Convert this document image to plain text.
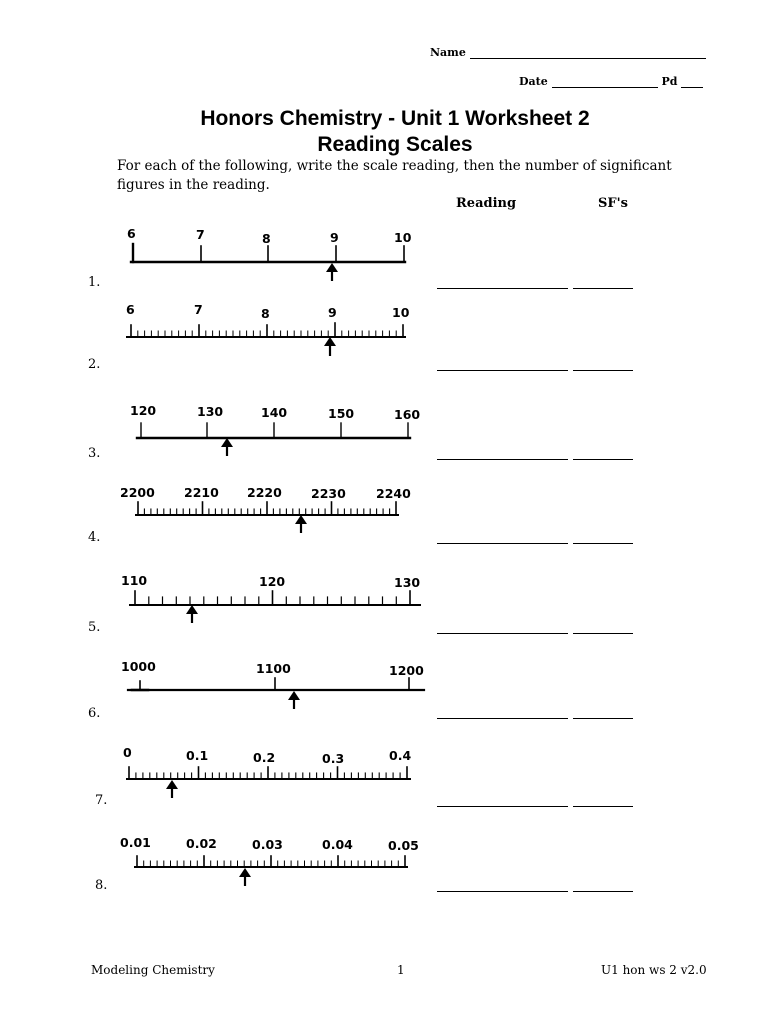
Name
Date	Pd
Honors Chemistry - Unit 1 Worksheet 2
Reading Scales
For each of the following, write the scale reading, then the number of significant figures in the reading.
Reading	SF's
1.
2.
3.
4.
5.
6.
7.
8.
6	7	8	9	10
6	7	8	9	10
120	130	140	150	160
2200 2210 2220 2230 2240
110	120	130
1000	1100	1200
0	0.1	0.2	0.3	0.4
0.01	0.02	0.03	0.04	0.05
Modeling Chemistry	1	U1 hon ws 2 v2.0
